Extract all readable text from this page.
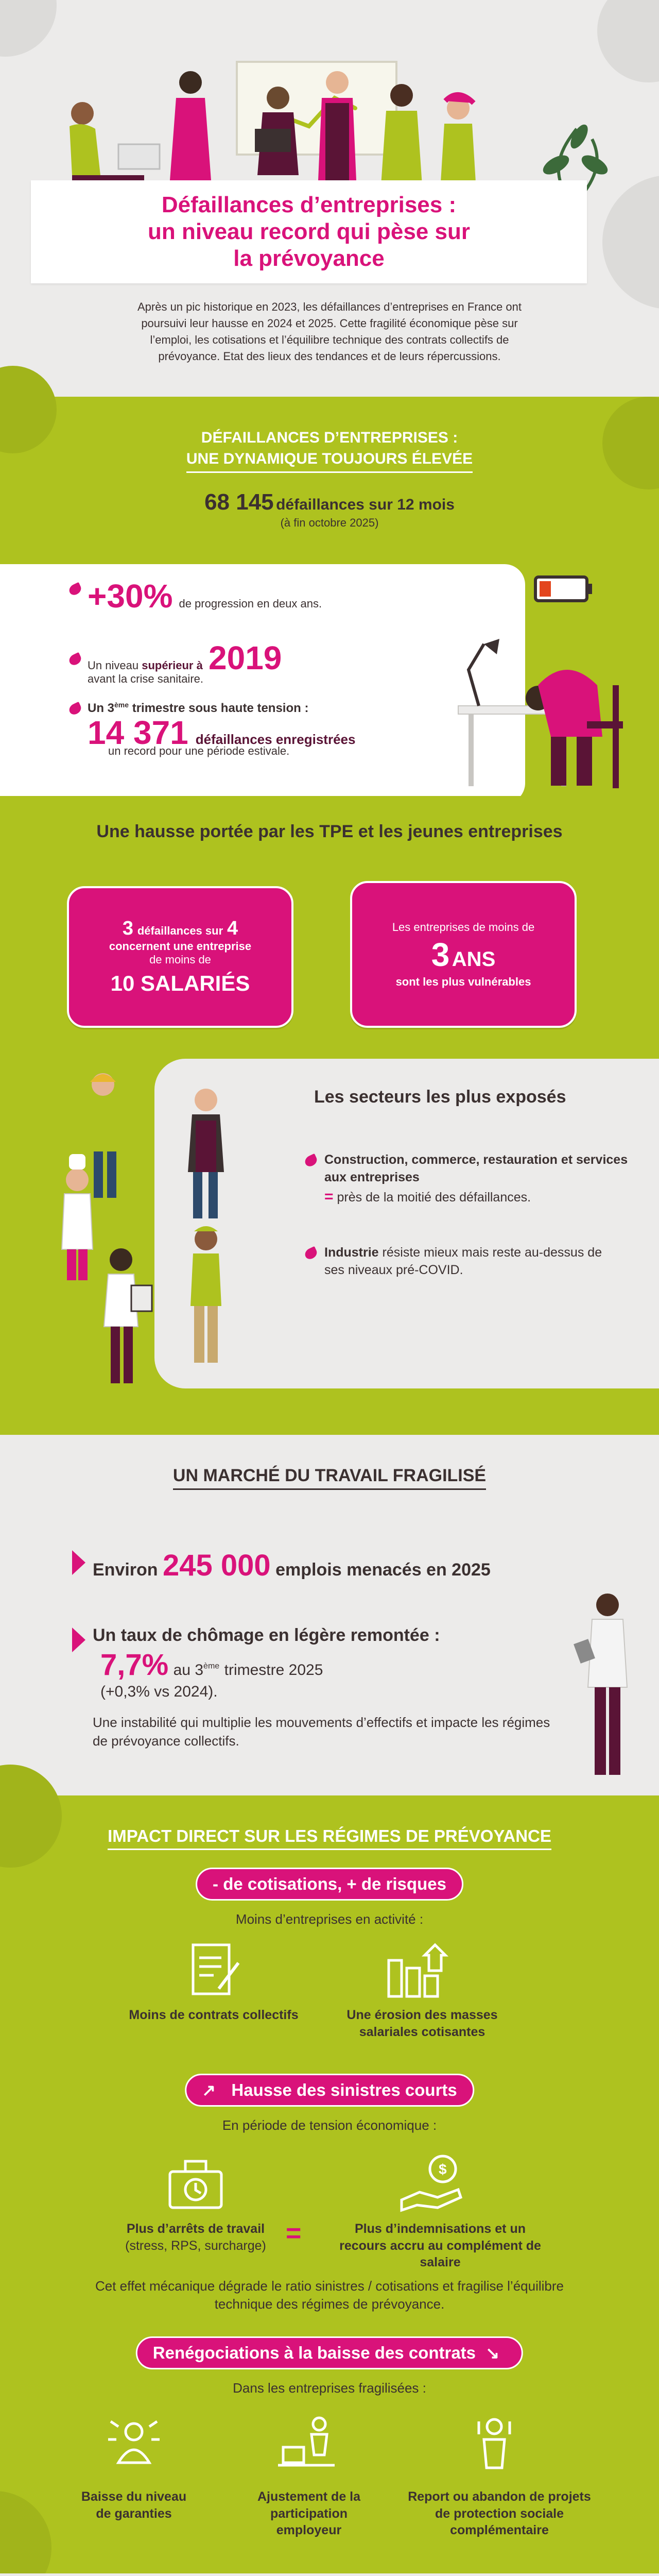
Défaillances d’entreprises :
un niveau record qui pèse sur
la prévoyance

Après un pic historique en 2023, les défaillances d’entreprises en France ont
poursuivi leur hausse en 2024 et 2025. Cette fragilité économique pèse sur
l’emploi, les cotisations et l’équilibre technique des contrats collectifs de
prévoyance. Etat des lieux des tendances et de leurs répercussions.

DÉFAILLANCES D’ENTREPRISES :
UNE DYNAMIQUE TOUJOURS ÉLEVÉE
68 145 défaillances sur 12 mois
(à fin octobre 2025)
+30% de progression en deux ans.
Un niveau supérieur à
avant la crise sanitaire.
2019
Un 3ème trimestre sous haute tension :
14 371 défaillances enregistrées
un record pour une période estivale.
Une hausse portée par les TPE et les jeunes entreprises
3 défaillances sur 4
concernent une entreprise
de moins de
10 SALARIÉS
Les entreprises de moins de
3 ANS
sont les plus vulnérables
Les secteurs les plus exposés
Construction, commerce, restauration et services aux entreprises
= près de la moitié des défaillances.
Industrie résiste mieux mais reste au-dessus de ses niveaux pré-COVID.
UN MARCHÉ DU TRAVAIL FRAGILISÉ
Environ 245 000 emplois menacés en 2025
Un taux de chômage en légère remontée :
7,7% au 3ème trimestre 2025
(+0,3% vs 2024).

Une instabilité qui multiplie les mouvements d’effectifs et impacte les régimes de prévoyance collectifs.

IMPACT DIRECT SUR LES RÉGIMES DE PRÉVOYANCE
- de cotisations, + de risques
Moins d’entreprises en activité :
Moins de contrats collectifs	Une érosion des masses salariales cotisantes
↗ Hausse des sinistres courts
En période de tension économique :
Plus d’arrêts de travail
(stress, RPS, surcharge) =
$
Plus d’indemnisations et un recours accru au complément de salaire

Cet effet mécanique dégrade le ratio sinistres / cotisations et fragilise l’équilibre technique des régimes de prévoyance.

Renégociations à la baisse des contrats ↘
Dans les entreprises fragilisées :
Baisse du niveau de garanties
Ajustement de la participation employeur
Report ou abandon de projets de protection sociale complémentaire
